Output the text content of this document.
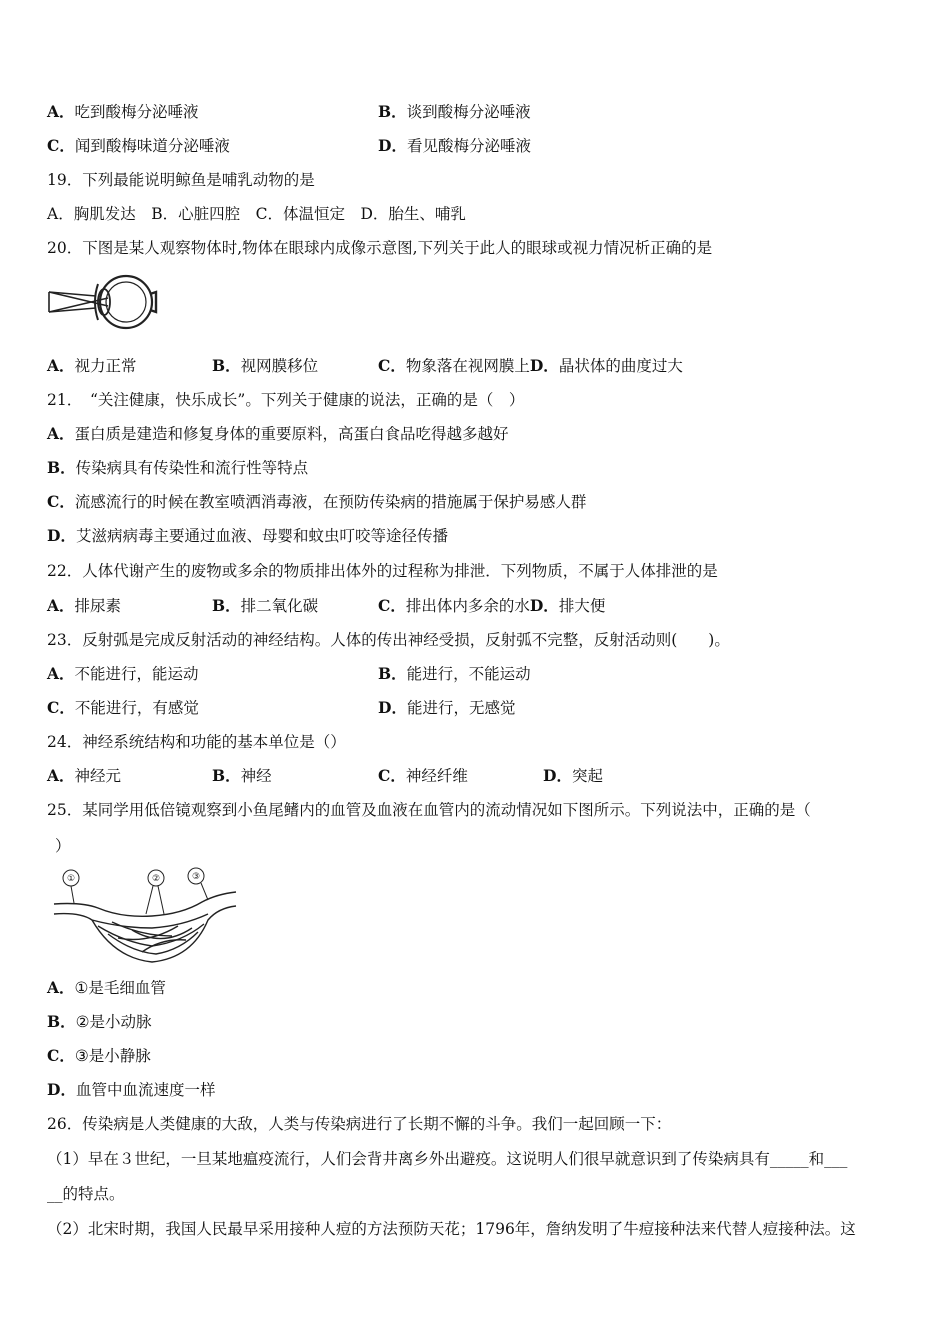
A．吃到酸梅分泌唾液	B．谈到酸梅分泌唾液
C．闻到酸梅味道分泌唾液	D．看见酸梅分泌唾液
19．下列最能说明鲸鱼是哺乳动物的是
A．胸肌发达　B．心脏四腔　C．体温恒定　D．胎生、哺乳
20．下图是某人观察物体时,物体在眼球内成像示意图,下列关于此人的眼球或视力情况析正确的是
A．视力正常	B．视网膜移位	C．物象落在视网膜上D．晶状体的曲度过大
21．　“关注健康，快乐成长”。下列关于健康的说法，正确的是（　）
A．蛋白质是建造和修复身体的重要原料，高蛋白食品吃得越多越好
B．传染病具有传染性和流行性等特点
C．流感流行的时候在教室喷洒消毒液，在预防传染病的措施属于保护易感人群
D．艾滋病病毒主要通过血液、母婴和蚊虫叮咬等途径传播
22．人体代谢产生的废物或多余的物质排出体外的过程称为排泄．下列物质，不属于人体排泄的是
A．排尿素	B．排二氧化碳	C．排出体内多余的水D．排大便
23．反射弧是完成反射活动的神经结构。人体的传出神经受损，反射弧不完整，反射活动则(　　)。
A．不能进行，能运动	B．能进行，不能运动
C．不能进行，有感觉	D．能进行，无感觉
24．神经系统结构和功能的基本单位是（）
A．神经元	B．神经	C．神经纤维	D．突起
25．某同学用低倍镜观察到小鱼尾鳍内的血管及血液在血管内的流动情况如下图所示。下列说法中，正确的是（
）
①	②	③
A．①是毛细血管
B．②是小动脉
C．③是小静脉
D．血管中血流速度一样
26．传染病是人类健康的大敌，人类与传染病进行了长期不懈的斗争。我们一起回顾一下：
（1）早在３世纪，一旦某地瘟疫流行，人们会背井离乡外出避疫。这说明人们很早就意识到了传染病具有_____和___
__的特点。
（2）北宋时期，我国人民最早采用接种人痘的方法预防天花；1796年，詹纳发明了牛痘接种法来代替人痘接种法。这
